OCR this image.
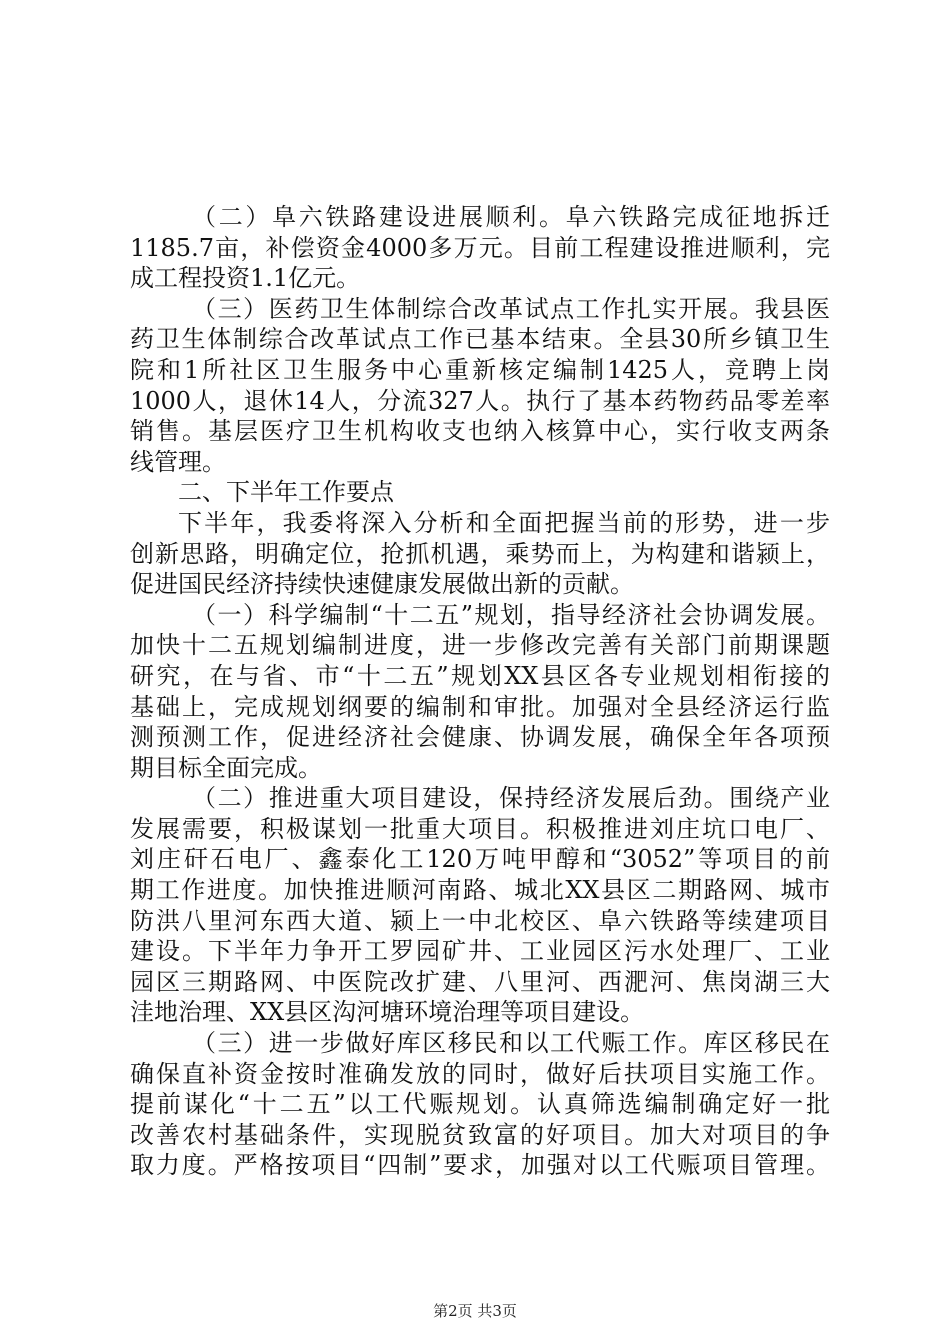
（二）阜六铁路建设进展顺利。阜六铁路完成征地拆迁
1185.7亩，补偿资金4000多万元。目前工程建设推进顺利，完
成工程投资1.1亿元。
（三）医药卫生体制综合改革试点工作扎实开展。我县医
药卫生体制综合改革试点工作已基本结束。全县30所乡镇卫生
院和1所社区卫生服务中心重新核定编制1425人，竞聘上岗
1000人，退休14人，分流327人。执行了基本药物药品零差率
销售。基层医疗卫生机构收支也纳入核算中心，实行收支两条
线管理。
二、下半年工作要点
下半年，我委将深入分析和全面把握当前的形势，进一步
创新思路，明确定位，抢抓机遇，乘势而上，为构建和谐颍上，
促进国民经济持续快速健康发展做出新的贡献。
（一）科学编制“十二五”规划，指导经济社会协调发展。
加快十二五规划编制进度，进一步修改完善有关部门前期课题
研究，在与省、市“十二五”规划XX县区各专业规划相衔接的
基础上，完成规划纲要的编制和审批。加强对全县经济运行监
测预测工作，促进经济社会健康、协调发展，确保全年各项预
期目标全面完成。
（二）推进重大项目建设，保持经济发展后劲。围绕产业
发展需要，积极谋划一批重大项目。积极推进刘庄坑口电厂、
刘庄矸石电厂、鑫泰化工120万吨甲醇和“3052”等项目的前
期工作进度。加快推进顺河南路、城北XX县区二期路网、城市
防洪八里河东西大道、颍上一中北校区、阜六铁路等续建项目
建设。下半年力争开工罗园矿井、工业园区污水处理厂、工业
园区三期路网、中医院改扩建、八里河、西淝河、焦岗湖三大
洼地治理、XX县区沟河塘环境治理等项目建设。
（三）进一步做好库区移民和以工代赈工作。库区移民在
确保直补资金按时准确发放的同时，做好后扶项目实施工作。
提前谋化“十二五”以工代赈规划。认真筛选编制确定好一批
改善农村基础条件，实现脱贫致富的好项目。加大对项目的争
取力度。严格按项目“四制”要求，加强对以工代赈项目管理。
第2页 共3页
